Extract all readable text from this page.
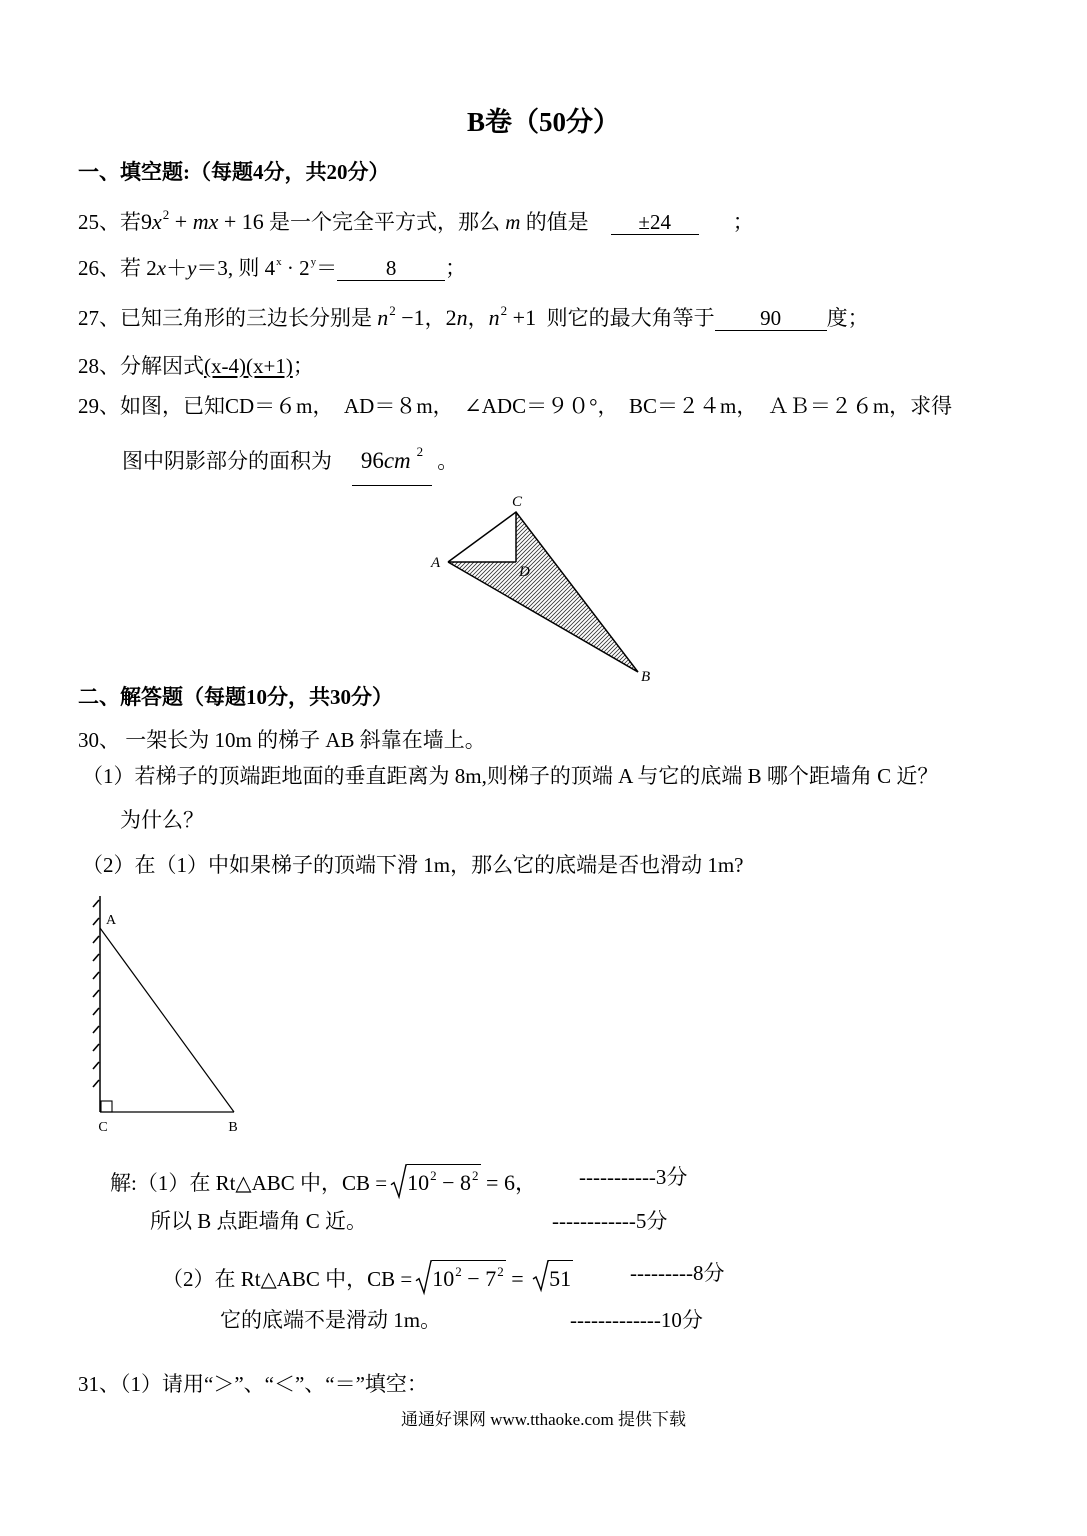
B卷（50分）
一、填空题:（每题4分，共20分）
25、若 9 x 2 + mx + 16 是一个完全平方式，那么 m 的值是	±24	；
26、若 2 x ＋ y ＝3, 则 4 x · 2 y ＝	8	；
27、已知三角形的三边长分别是 n 2 −1 ， 2 n ， n 2 +1 则它的最大角等于	90	度；
28、分解因式 (x-4)(x+1) ；
29、如图，已知CD＝６m，　AD＝８m，　∠ADC＝９０°，　BC＝２４m，　ＡＢ＝２６m，求得
图中阴影部分的面积为 96 cm 2 。
C
A
D
B
二、解答题（每题10分，共30分）
30、 一架长为 10m 的梯子 AB 斜靠在墙上。
（1）若梯子的顶端距地面的垂直距离为 8m,则梯子的顶端 A 与它的底端 B 哪个距墙角 C 近？
为什么？
（2）在（1）中如果梯子的顶端下滑 1m，那么它的底端是否也滑动 1m?
A
C	B
解:（1）在 Rt△ABC 中，CB = 10 2 − 8 2 = 6， -----------3分
所以 B 点距墙角 C 近。	------------5分
（2）在 Rt△ABC 中，CB = 10 2 − 7 2 = 51	---------8分
它的底端不是滑动 1m。	-------------10分
31、（1）请用“＞”、“＜”、“＝”填空：
通通好课网 www.tthaoke.com 提供下载
